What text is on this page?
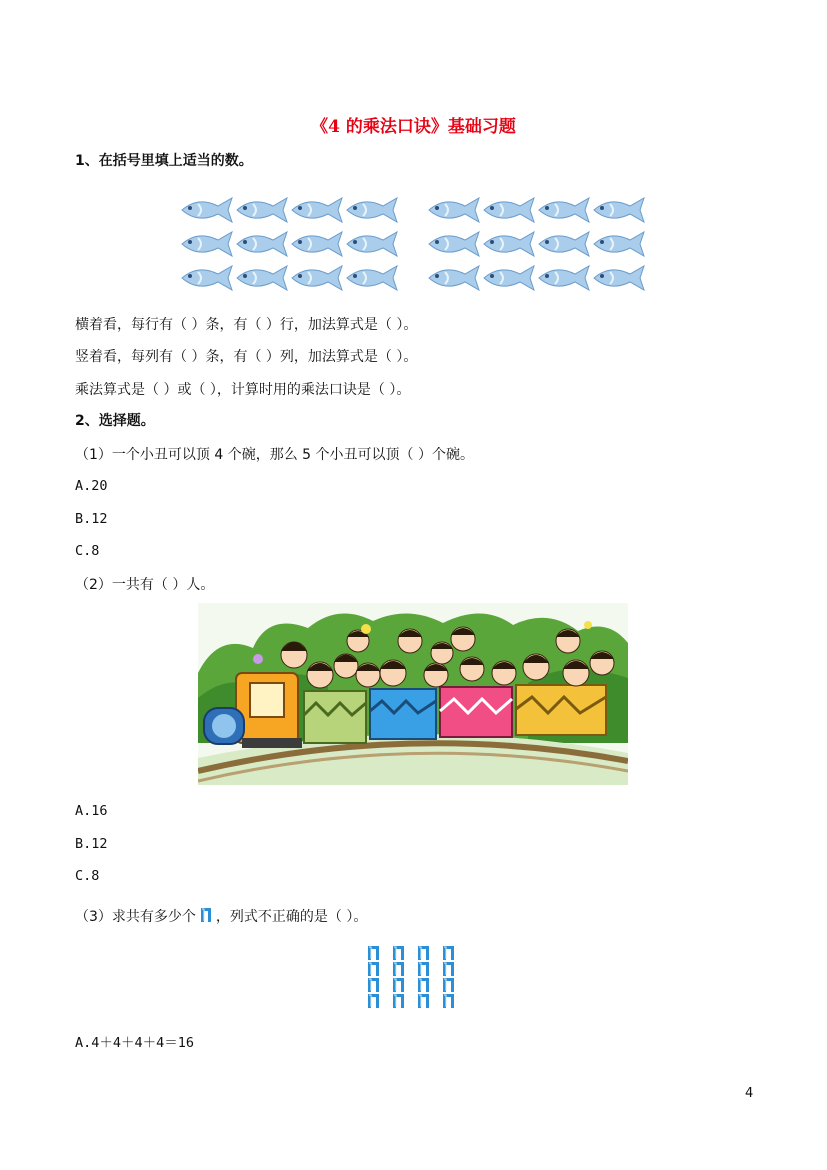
《4 的乘法口诀》基础习题
1、在括号里填上适当的数。
横着看，每行有（ ）条，有（ ）行，加法算式是（ ）。
竖着看，每列有（ ）条，有（ ）列，加法算式是（ ）。
乘法算式是（ ）或（ ），计算时用的乘法口诀是（ ）。
2、选择题。
（1）一个小丑可以顶 4 个碗，那么 5 个小丑可以顶（ ）个碗。
A.20
B.12
C.8
（2）一共有（ ）人。
A.16
B.12
C.8
（3）求共有多少个 ，列式不正确的是（ ）。
A.4＋4＋4＋4＝16
4
